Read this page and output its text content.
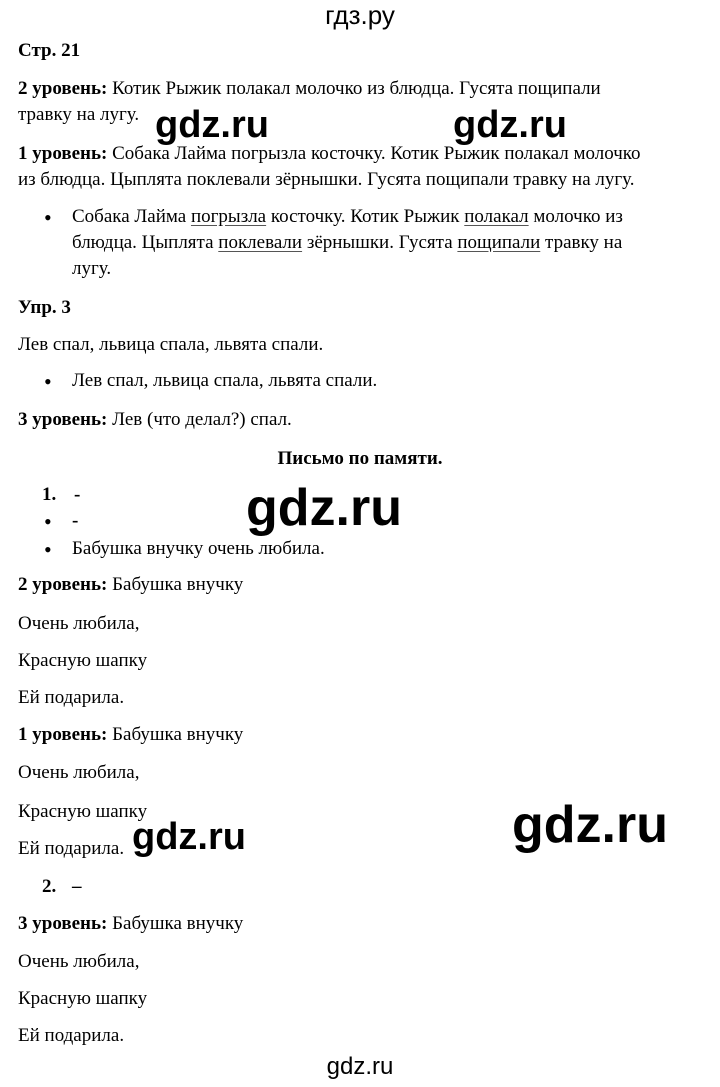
гдз.ру
Стр. 21
2 уровень: Котик Рыжик полакал молочко из блюдца. Гусята пощипали
травку на лугу.
1 уровень: Собака Лайма погрызла косточку. Котик Рыжик полакал молочко
из блюдца. Цыплята поклевали зёрнышки. Гусята пощипали травку на лугу.
• Собака Лайма погрызла косточку. Котик Рыжик полакал молочко из
блюдца. Цыплята поклевали зёрнышки. Гусята пощипали травку на
лугу.
Упр. 3
Лев спал, львица спала, львята спали.
• Лев спал, львица спала, львята спали.
3 уровень: Лев (что делал?) спал.
Письмо по памяти.
1. -
• -
• Бабушка внучку очень любила.
2 уровень: Бабушка внучку
Очень любила,
Красную шапку
Ей подарила.
1 уровень: Бабушка внучку
Очень любила,
Красную шапку
Ей подарила.
2. –
3 уровень: Бабушка внучку
Очень любила,
Красную шапку
Ей подарила.
gdz.ru	gdz.ru
gdz.ru
gdz.ru	gdz.ru
gdz.ru
